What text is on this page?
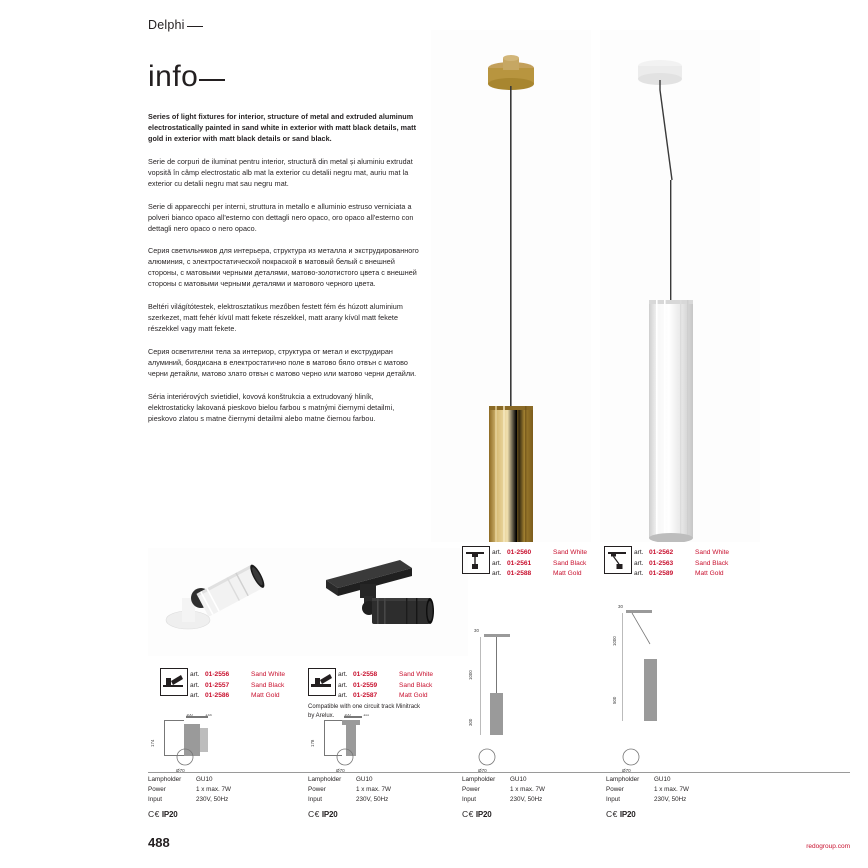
Delphi
info

Series of light fixtures for interior, structure of metal and extruded aluminum electrostatically painted in sand white in exterior with matt black details, matt gold in exterior with matt black details or sand black.

Serie de corpuri de iluminat pentru interior, structură din metal și aluminiu extrudat vopsită în câmp electrostatic alb mat la exterior cu detalii negru mat, auriu mat la exterior cu detalii negru mat sau negru mat.

Serie di apparecchi per interni, struttura in metallo e alluminio estruso verniciata a polveri bianco opaco all'esterno con dettagli nero opaco, oro opaco all'esterno con dettagli nero opaco o nero opaco.

Серия светильников для интерьера, структура из металла и экструдированного алюминия, с электростатической покраской в матовый белый с внешней стороны, с матовыми черными деталями, матово-золотистого цвета с внешней стороны с матовыми черными деталями и матового черного цвета.

Beltéri világítótestek, elektrosztatikus mezőben festett fém és húzott aluminium szerkezet, matt fehér kívül matt fekete részekkel, matt arany kívül matt fekete részekkel vagy matt fekete.

Серия осветителни тела за интериор, структура от метал и екструдиран алуминий, боядисана в електростатично поле в матово бяло отвън с матово черни детайли, матово злато отвън с матово черно или матово черни детайли.

Séria interiérových svietidiel, kovová konštrukcia a extrudovaný hliník, elektrostaticky lakovaná pieskovo bielou farbou s matnými čiernymi detailmi, pieskovo zlatou s matne čiernymi detailmi alebo matne čiernou farbou.

art. 01-2560	Sand White
art. 01-2561	Sand Black
art. 01-2588	Matt Gold
art. 01-2562	Sand White
art. 01-2563	Sand Black
art. 01-2589	Matt Gold
art. 01-2556	Sand White
art. 01-2557	Sand Black
art. 01-2586	Matt Gold
art. 01-2558	Sand White
art. 01-2559	Sand Black
art. 01-2587	Matt Gold
Compatible with one circuit track Minitrack by Arelux.
174
100	134
Ø70
178
100	111
Ø70
30
1000
300
Ø70
30
1000
500
Ø70
Lampholder	GU10
Power	1 x max. 7W
Input	230V, 50Hz
C€ IP20
Lampholder	GU10
Power	1 x max. 7W
Input	230V, 50Hz
C€ IP20
Lampholder	GU10
Power	1 x max. 7W
Input	230V, 50Hz
C€ IP20
Lampholder	GU10
Power	1 x max. 7W
Input	230V, 50Hz
C€ IP20
488	redogroup.com
